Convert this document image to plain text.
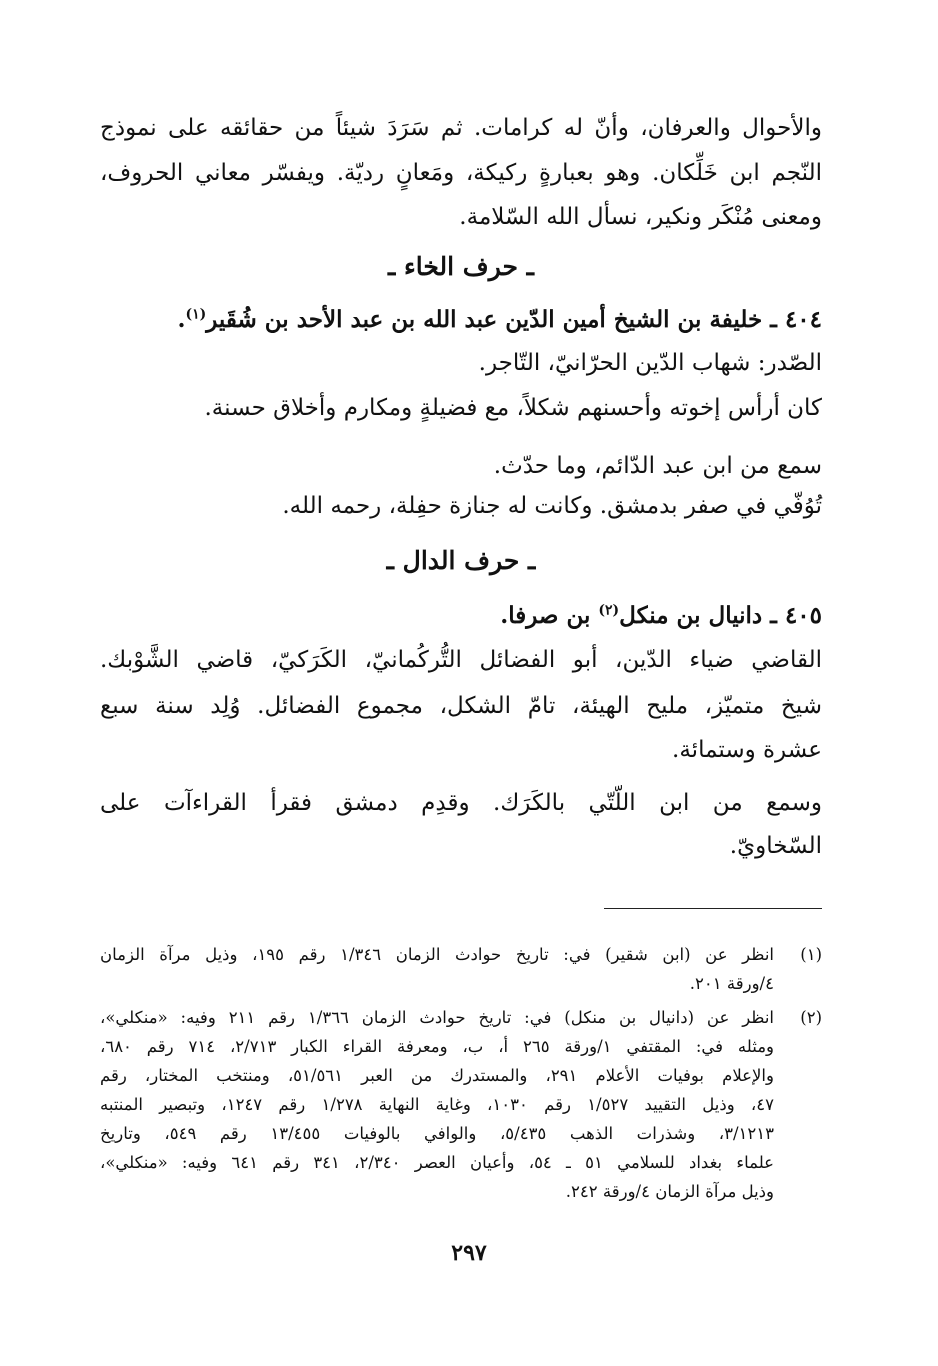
والأحوال والعرفان، وأنّ له كرامات. ثم سَرَدَ شيئاً من حقائقه على نموذج
النّجم ابن خَلِّكان. وهو بعبارةٍ ركيكة، ومَعانٍ رديّة. ويفسّر معاني الحروف،
ومعنى مُنْكَر ونكير، نسأل الله السّلامة.
ـ حرف الخاء ـ
٤٠٤ ـ خليفة بن الشيخ أمين الدّين عبد الله بن عبد الأحد بن شُقَير$^{(١)}$.
الصّدر: شهاب الدّين الحرّانيّ، التّاجر.
كان أرأس إخوته وأحسنهم شكلاً، مع فضيلةٍ ومكارم وأخلاق حسنة.
سمع من ابن عبد الدّائم، وما حدّث.
تُوُفّي في صفر بدمشق. وكانت له جنازة حفِلة، رحمه الله.
ـ حرف الدال ـ
٤٠٥ ـ دانيال بن منكل$^{(٢)}$ بن صرفا.
القاضي ضياء الدّين، أبو الفضائل التُّركُمانيّ، الكَرَكيّ، قاضي الشَّوْبك.
شيخ متميّز، مليح الهيئة، تامّ الشكل، مجموع الفضائل. وُلِد سنة سبع
عشرة وستمائة.
وسمع من ابن اللّتّي بالكَرَك. وقدِم دمشق فقرأ القراءآت على
السّخاويّ.
(١)
انظر عن (ابن شقير) في: تاريخ حوادث الزمان ١/٣٤٦ رقم ١٩٥، وذيل مرآة الزمان
٤/ورقة ٢٠١.
(٢)
انظر عن (دانيال بن منكل) في: تاريخ حوادث الزمان ١/٣٦٦ رقم ٢١١ وفيه: «منكلي»،
ومثله في: المقتفي ١/ورقة ٢٦٥ أ، ب، ومعرفة القراء الكبار ٢/٧١٣، ٧١٤ رقم ٦٨٠،
والإعلام بوفيات الأعلام ٢٩١، والمستدرك من العبر ٥١/٥٦١، ومنتخب المختار، رقم
٤٧، وذيل التقييد ١/٥٢٧ رقم ١٠٣٠، وغاية النهاية ١/٢٧٨ رقم ١٢٤٧، وتبصير المنتبه
٣/١٢١٣، وشذرات الذهب ٥/٤٣٥، والوافي بالوفيات ١٣/٤٥٥ رقم ٥٤٩، وتاريخ
علماء بغداد للسلامي ٥١ ـ ٥٤، وأعيان العصر ٢/٣٤٠، ٣٤١ رقم ٦٤١ وفيه: «منكلي»،
وذيل مرآة الزمان ٤/ورقة ٢٤٢.
٢٩٧
